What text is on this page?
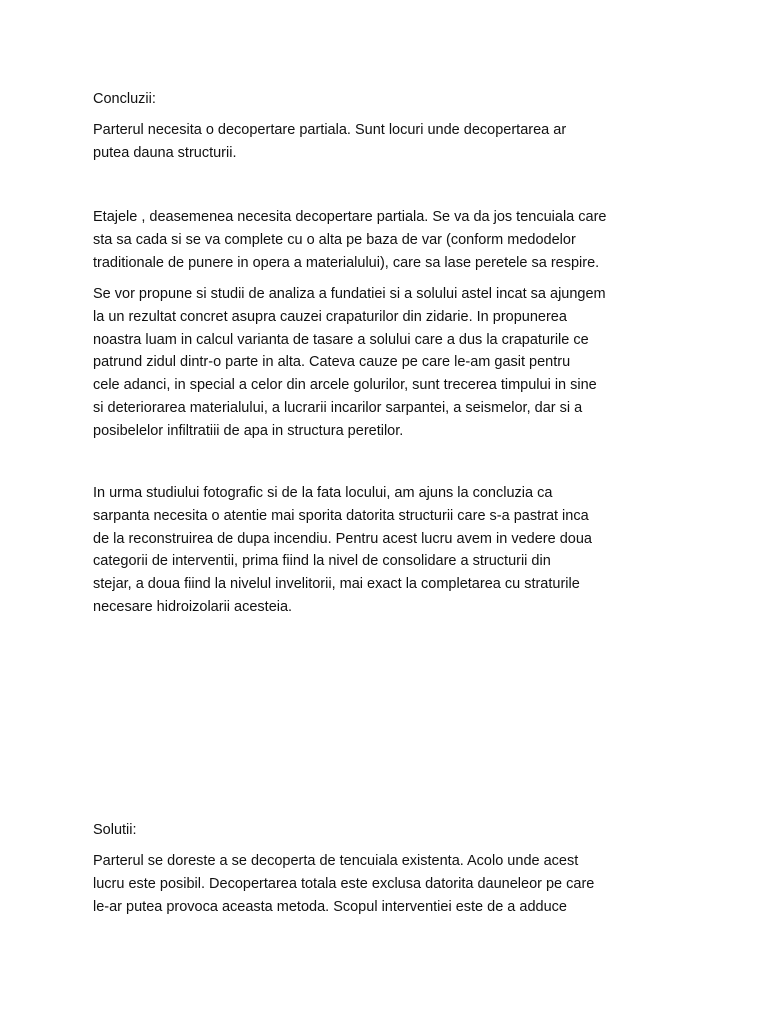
Concluzii:

Parterul necesita o decopertare partiala. Sunt locuri unde decopertarea ar
putea dauna structurii.

Etajele , deasemenea necesita decopertare partiala. Se va da jos tencuiala care
sta sa cada si se va complete cu o alta pe baza de var (conform medodelor
traditionale de punere in opera a materialului), care sa lase peretele sa respire.

Se vor propune si studii de analiza a fundatiei si a solului astel incat sa ajungem
la un rezultat concret asupra cauzei crapaturilor din zidarie. In propunerea
noastra luam in calcul varianta de tasare a solului care a dus la crapaturile ce
patrund zidul dintr-o parte in alta. Cateva cauze pe care le-am gasit pentru
cele adanci, in special a celor din arcele golurilor, sunt trecerea timpului in sine
si deteriorarea materialului, a lucrarii incarilor sarpantei, a seismelor, dar si a
posibelelor infiltratiii de apa in structura peretilor.

In urma studiului fotografic si de la fata locului, am ajuns la concluzia ca
sarpanta necesita o atentie mai sporita datorita structurii care s-a pastrat inca
de la reconstruirea de dupa incendiu. Pentru acest lucru avem in vedere doua
categorii de interventii, prima fiind la nivel de consolidare a structurii din
stejar, a doua fiind la nivelul invelitorii, mai exact la completarea cu straturile
necesare hidroizolarii acesteia.

Solutii:

Parterul se doreste a se decoperta de tencuiala existenta. Acolo unde acest
lucru este posibil. Decopertarea totala este exclusa datorita dauneleor pe care
le-ar putea provoca aceasta metoda. Scopul interventiei este de a adduce
